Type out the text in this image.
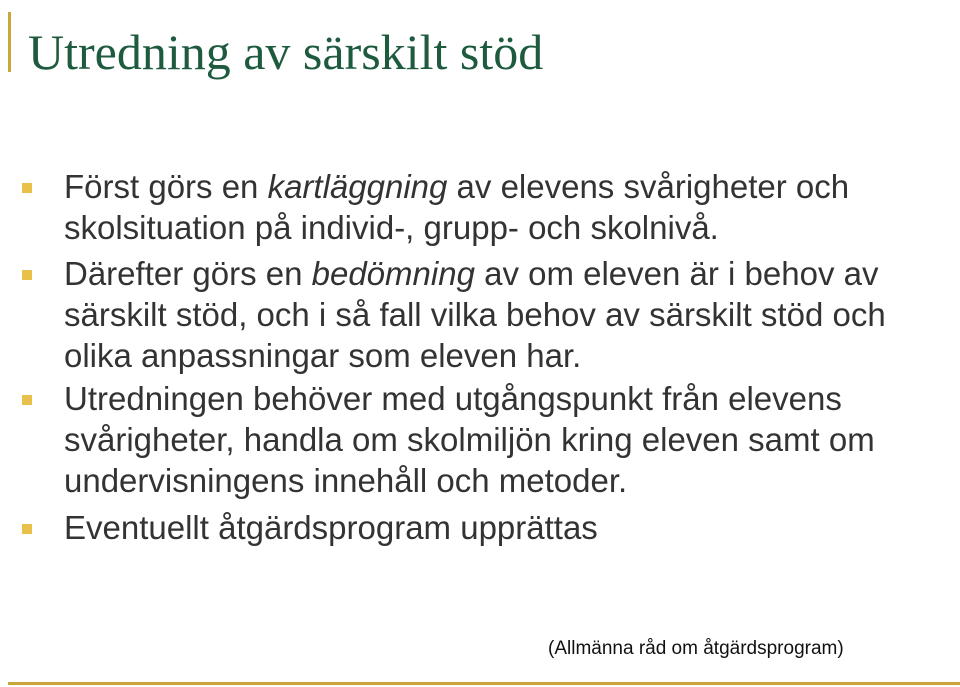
Utredning av särskilt stöd
Först görs en kartläggning av elevens svårigheter och skolsituation på individ-, grupp- och skolnivå.
Därefter görs en bedömning av om eleven är i behov av särskilt stöd, och i så fall vilka behov av särskilt stöd och olika anpassningar som eleven har.
Utredningen behöver med utgångspunkt från elevens svårigheter, handla om skolmiljön kring eleven samt om undervisningens innehåll och metoder.
Eventuellt åtgärdsprogram upprättas
(Allmänna råd om åtgärdsprogram)
